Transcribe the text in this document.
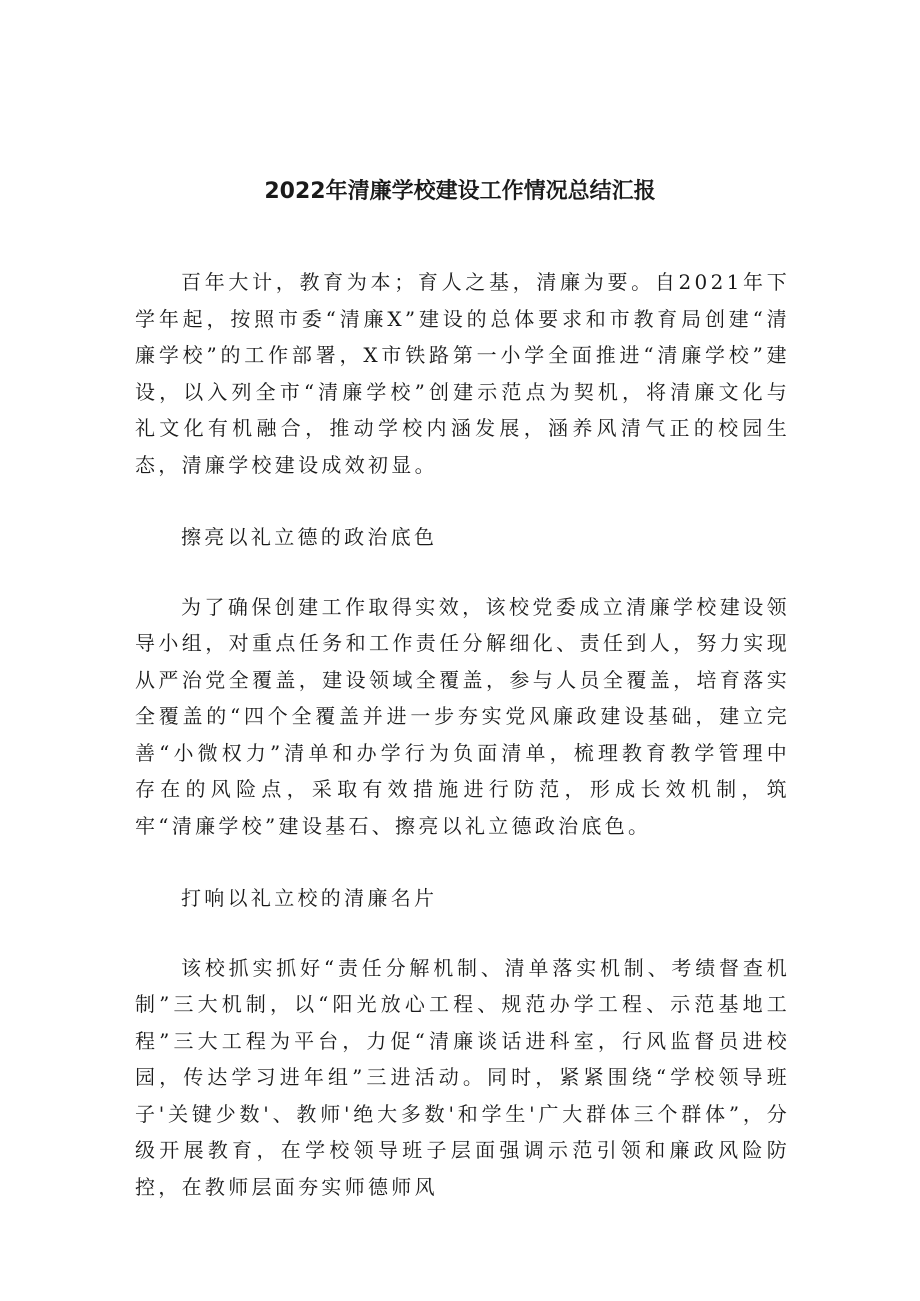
2022年清廉学校建设工作情况总结汇报

百年大计，教育为本；育人之基，清廉为要。自2021年下学年起，按照市委“清廉X”建设的总体要求和市教育局创建“清廉学校”的工作部署，X市铁路第一小学全面推进“清廉学校”建设，以入列全市“清廉学校”创建示范点为契机，将清廉文化与礼文化有机融合，推动学校内涵发展，涵养风清气正的校园生态，清廉学校建设成效初显。

擦亮以礼立德的政治底色

为了确保创建工作取得实效，该校党委成立清廉学校建设领导小组，对重点任务和工作责任分解细化、责任到人，努力实现从严治党全覆盖，建设领域全覆盖，参与人员全覆盖，培育落实全覆盖的“四个全覆盖并进一步夯实党风廉政建设基础，建立完善“小微权力”清单和办学行为负面清单，梳理教育教学管理中存在的风险点，采取有效措施进行防范，形成长效机制，筑牢“清廉学校”建设基石、擦亮以礼立德政治底色。

打响以礼立校的清廉名片

该校抓实抓好“责任分解机制、清单落实机制、考绩督查机制”三大机制，以“阳光放心工程、规范办学工程、示范基地工程”三大工程为平台，力促“清廉谈话进科室，行风监督员进校园，传达学习进年组”三进活动。同时，紧紧围绕“学校领导班子'关键少数'、教师'绝大多数'和学生'广大群体三个群体”，分级开展教育，在学校领导班子层面强调示范引领和廉政风险防控，在教师层面夯实师德师风
